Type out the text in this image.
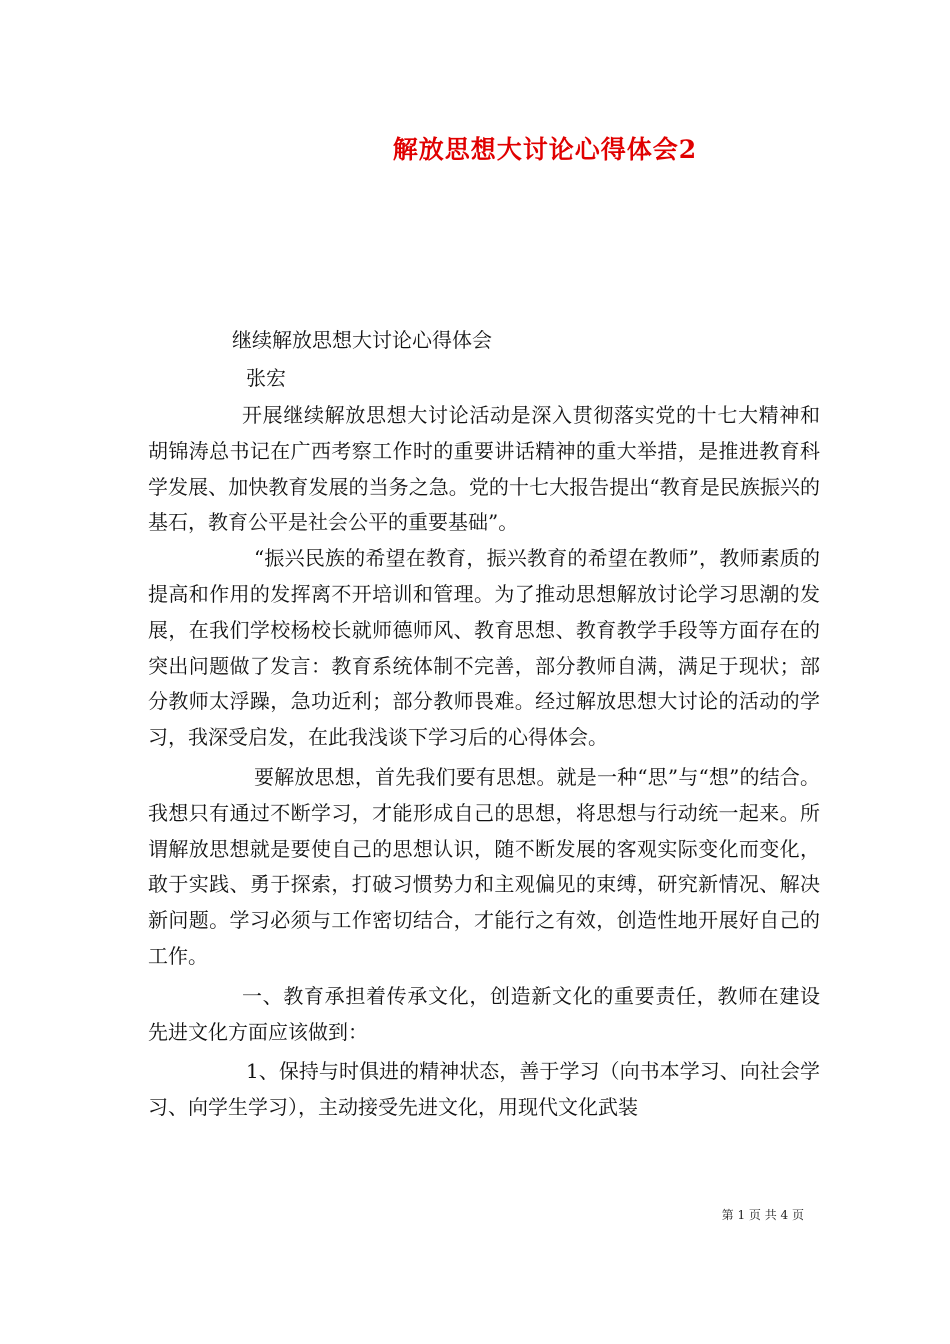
解放思想大讨论心得体会2
继续解放思想大讨论心得体会
张宏

开展继续解放思想大讨论活动是深入贯彻落实党的十七大精神和胡锦涛总书记在广西考察工作时的重要讲话精神的重大举措，是推进教育科学发展、加快教育发展的当务之急。党的十七大报告提出“教育是民族振兴的基石，教育公平是社会公平的重要基础”。

“振兴民族的希望在教育，振兴教育的希望在教师”，教师素质的提高和作用的发挥离不开培训和管理。为了推动思想解放讨论学习思潮的发展，在我们学校杨校长就师德师风、教育思想、教育教学手段等方面存在的突出问题做了发言：教育系统体制不完善，部分教师自满，满足于现状；部分教师太浮躁，急功近利；部分教师畏难。经过解放思想大讨论的活动的学习，我深受启发，在此我浅谈下学习后的心得体会。

要解放思想，首先我们要有思想。就是一种“思”与“想”的结合。我想只有通过不断学习，才能形成自己的思想，将思想与行动统一起来。所谓解放思想就是要使自己的思想认识，随不断发展的客观实际变化而变化，敢于实践、勇于探索，打破习惯势力和主观偏见的束缚，研究新情况、解决新问题。学习必须与工作密切结合，才能行之有效，创造性地开展好自己的工作。

一、教育承担着传承文化，创造新文化的重要责任，教师在建设先进文化方面应该做到：

1、保持与时俱进的精神状态，善于学习（向书本学习、向社会学习、向学生学习），主动接受先进文化，用现代文化武装

第 1 页 共 4 页
